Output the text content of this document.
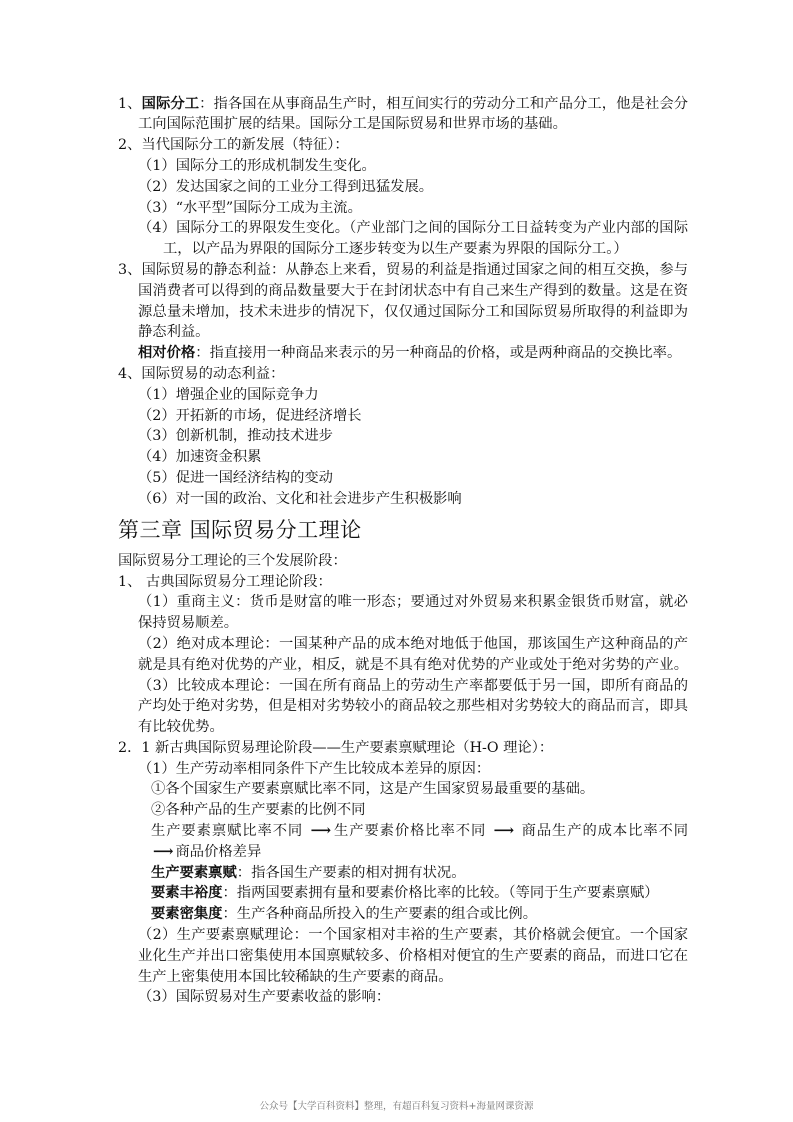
1、国际分工：指各国在从事商品生产时，相互间实行的劳动分工和产品分工，他是社会分
工向国际范围扩展的结果。国际分工是国际贸易和世界市场的基础。
2、当代国际分工的新发展（特征）：
（1）国际分工的形成机制发生变化。
（2）发达国家之间的工业分工得到迅猛发展。
（3）“水平型”国际分工成为主流。
（4）国际分工的界限发生变化。（产业部门之间的国际分工日益转变为产业内部的国际
工，以产品为界限的国际分工逐步转变为以生产要素为界限的国际分工。）
3、国际贸易的静态利益：从静态上来看，贸易的利益是指通过国家之间的相互交换，参与
国消费者可以得到的商品数量要大于在封闭状态中有自己来生产得到的数量。这是在资
源总量未增加，技术未进步的情况下，仅仅通过国际分工和国际贸易所取得的利益即为
静态利益。
相对价格：指直接用一种商品来表示的另一种商品的价格，或是两种商品的交换比率。
4、国际贸易的动态利益：
（1）增强企业的国际竞争力
（2）开拓新的市场，促进经济增长
（3）创新机制，推动技术进步
（4）加速资金积累
（5）促进一国经济结构的变动
（6）对一国的政治、文化和社会进步产生积极影响
第三章 国际贸易分工理论
国际贸易分工理论的三个发展阶段：
1、 古典国际贸易分工理论阶段：
（1）重商主义：货币是财富的唯一形态；要通过对外贸易来积累金银货币财富，就必
保持贸易顺差。
（2）绝对成本理论：一国某种产品的成本绝对地低于他国，那该国生产这种商品的产
就是具有绝对优势的产业，相反，就是不具有绝对优势的产业或处于绝对劣势的产业。
（3）比较成本理论：一国在所有商品上的劳动生产率都要低于另一国，即所有商品的
产均处于绝对劣势，但是相对劣势较小的商品较之那些相对劣势较大的商品而言，即具
有比较优势。
2．1 新古典国际贸易理论阶段——生产要素禀赋理论（H-O 理论）：
（1）生产劳动率相同条件下产生比较成本差异的原因：
①各个国家生产要素禀赋比率不同，这是产生国家贸易最重要的基础。
②各种产品的生产要素的比例不同
生产要素禀赋比率不同 ⟶ 生产要素价格比率不同 ⟶ 商品生产的成本比率不同
⟶ 商品价格差异
生产要素禀赋：指各国生产要素的相对拥有状况。
要素丰裕度：指两国要素拥有量和要素价格比率的比较。（等同于生产要素禀赋）
要素密集度：生产各种商品所投入的生产要素的组合或比例。
（2）生产要素禀赋理论：一个国家相对丰裕的生产要素，其价格就会便宜。一个国家
业化生产并出口密集使用本国禀赋较多、价格相对便宜的生产要素的商品，而进口它在
生产上密集使用本国比较稀缺的生产要素的商品。
（3）国际贸易对生产要素收益的影响：
公众号【大学百科资料】整理，有超百科复习资料+海量网课资源
